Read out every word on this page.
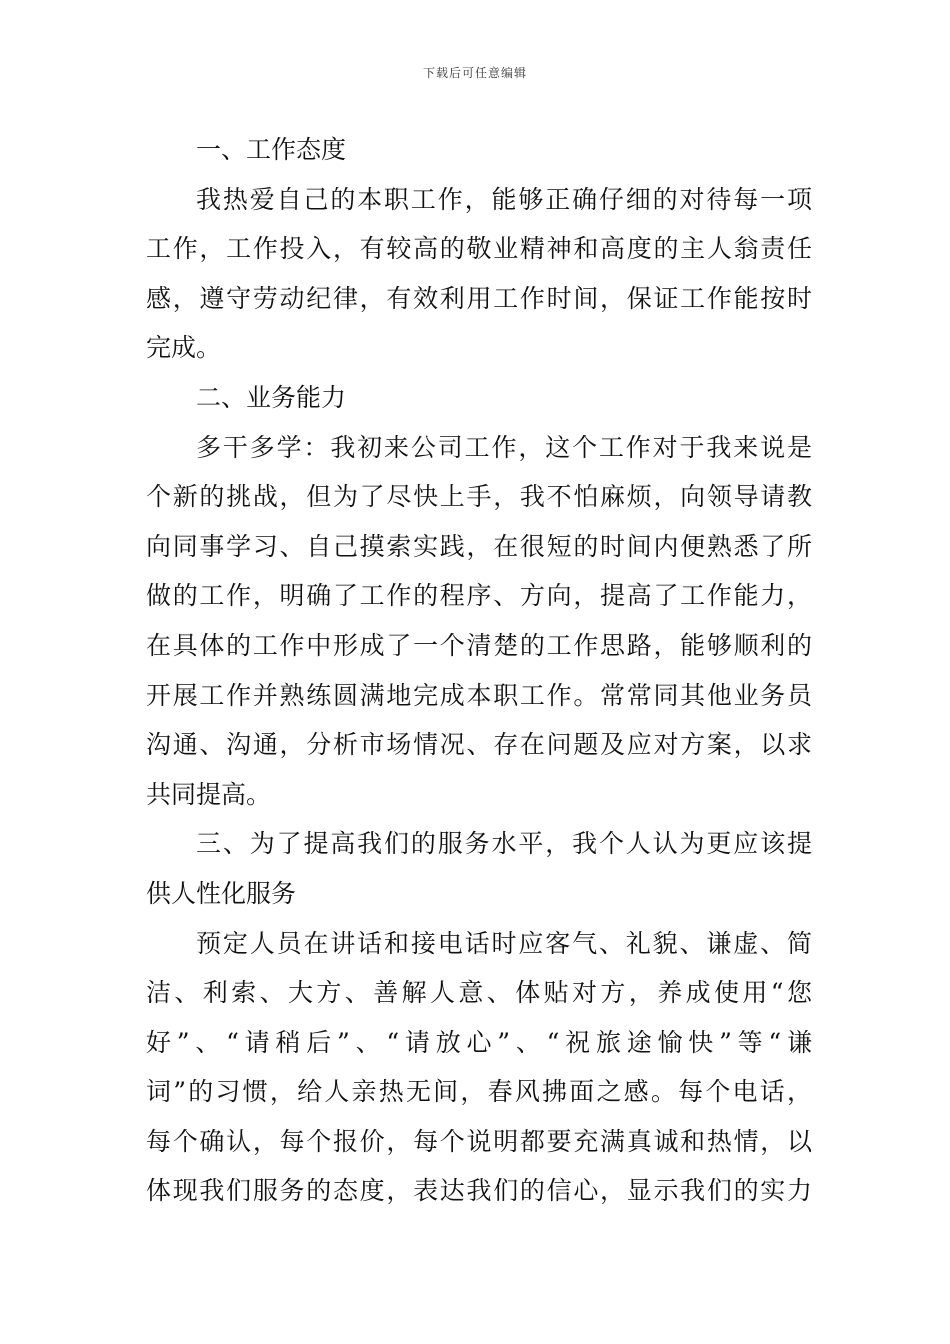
下载后可任意编辑
一、工作态度
我热爱自己的本职工作，能够正确仔细的对待每一项
工作，工作投入，有较高的敬业精神和高度的主人翁责任
感，遵守劳动纪律，有效利用工作时间，保证工作能按时
完成。
二、业务能力
多干多学：我初来公司工作，这个工作对于我来说是
个新的挑战，但为了尽快上手，我不怕麻烦，向领导请教
向同事学习、自己摸索实践，在很短的时间内便熟悉了所
做的工作，明确了工作的程序、方向，提高了工作能力，
在具体的工作中形成了一个清楚的工作思路，能够顺利的
开展工作并熟练圆满地完成本职工作。常常同其他业务员
沟通、沟通，分析市场情况、存在问题及应对方案，以求
共同提高。
三、为了提高我们的服务水平，我个人认为更应该提
供人性化服务
预定人员在讲话和接电话时应客气、礼貌、谦虚、简
洁、利索、大方、善解人意、体贴对方，养成使用“您
好”、“请稍后”、“请放心”、“祝旅途愉快”等“谦
词”的习惯，给人亲热无间，春风拂面之感。每个电话，
每个确认，每个报价，每个说明都要充满真诚和热情，以
体现我们服务的态度，表达我们的信心，显示我们的实力
